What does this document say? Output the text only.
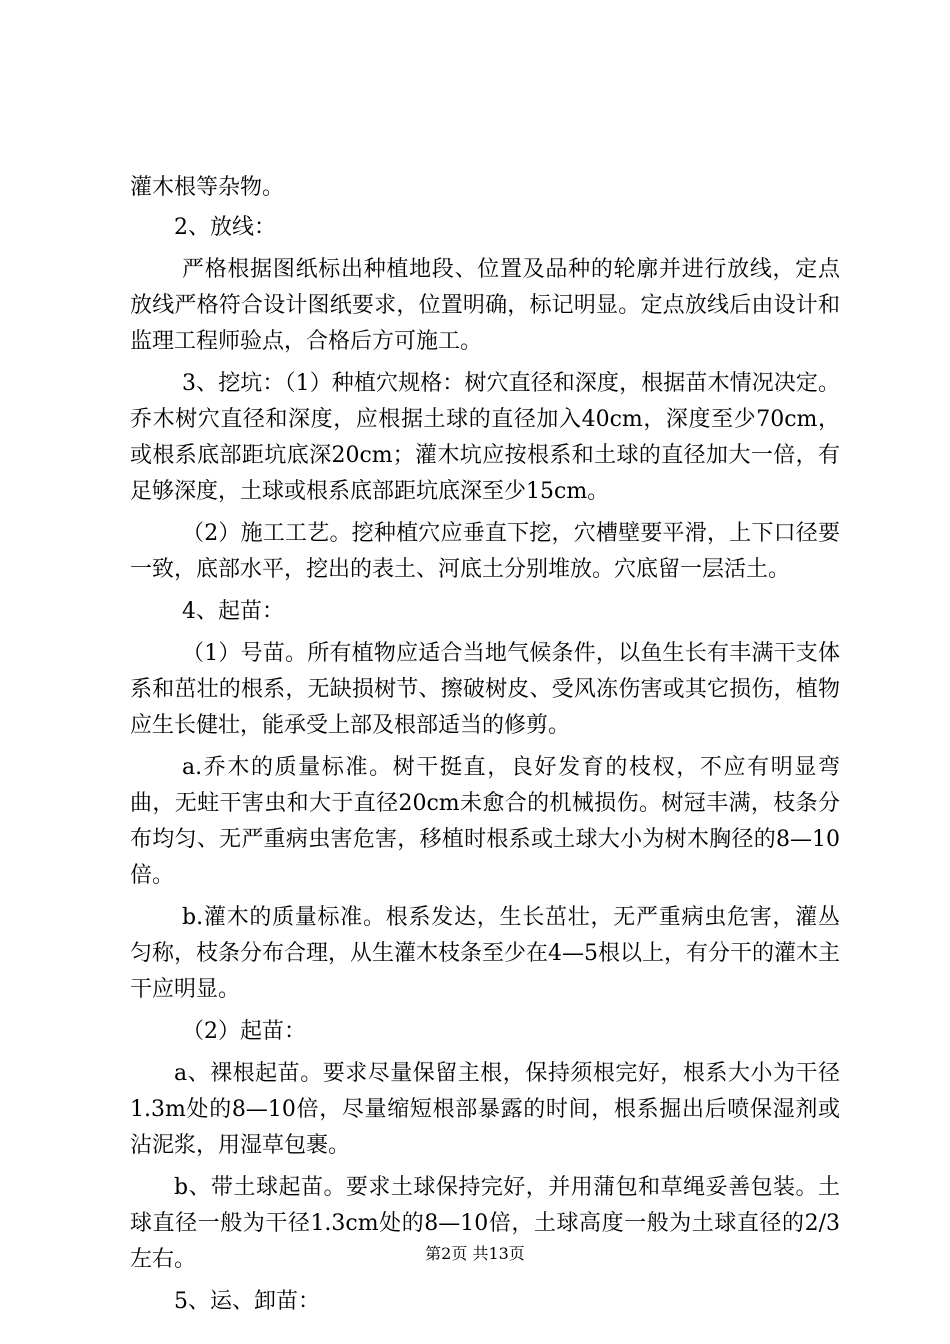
灌木根等杂物。

2、放线：

严格根据图纸标出种植地段、位置及品种的轮廓并进行放线，定点放线严格符合设计图纸要求，位置明确，标记明显。定点放线后由设计和监理工程师验点，合格后方可施工。

3、挖坑：（1）种植穴规格：树穴直径和深度，根据苗木情况决定。乔木树穴直径和深度，应根据土球的直径加入40cm，深度至少70cm，或根系底部距坑底深20cm；灌木坑应按根系和土球的直径加大一倍，有足够深度，土球或根系底部距坑底深至少15cm。

（2）施工工艺。挖种植穴应垂直下挖，穴槽壁要平滑，上下口径要一致，底部水平，挖出的表土、河底土分别堆放。穴底留一层活土。

4、起苗：

（1）号苗。所有植物应适合当地气候条件，以鱼生长有丰满干支体系和茁壮的根系，无缺损树节、擦破树皮、受风冻伤害或其它损伤，植物应生长健壮，能承受上部及根部适当的修剪。

a.乔木的质量标准。树干挺直，良好发育的枝杈，不应有明显弯曲，无蛀干害虫和大于直径20cm未愈合的机械损伤。树冠丰满，枝条分布均匀、无严重病虫害危害，移植时根系或土球大小为树木胸径的8—10倍。

b.灌木的质量标准。根系发达，生长茁壮，无严重病虫危害，灌丛匀称，枝条分布合理，从生灌木枝条至少在4—5根以上，有分干的灌木主干应明显。

（2）起苗：

a、裸根起苗。要求尽量保留主根，保持须根完好，根系大小为干径1.3m处的8—10倍，尽量缩短根部暴露的时间，根系掘出后喷保湿剂或沾泥浆，用湿草包裹。

b、带土球起苗。要求土球保持完好，并用蒲包和草绳妥善包装。土球直径一般为干径1.3cm处的8—10倍，土球高度一般为土球直径的2/3左右。

5、运、卸苗：

第2页 共13页
